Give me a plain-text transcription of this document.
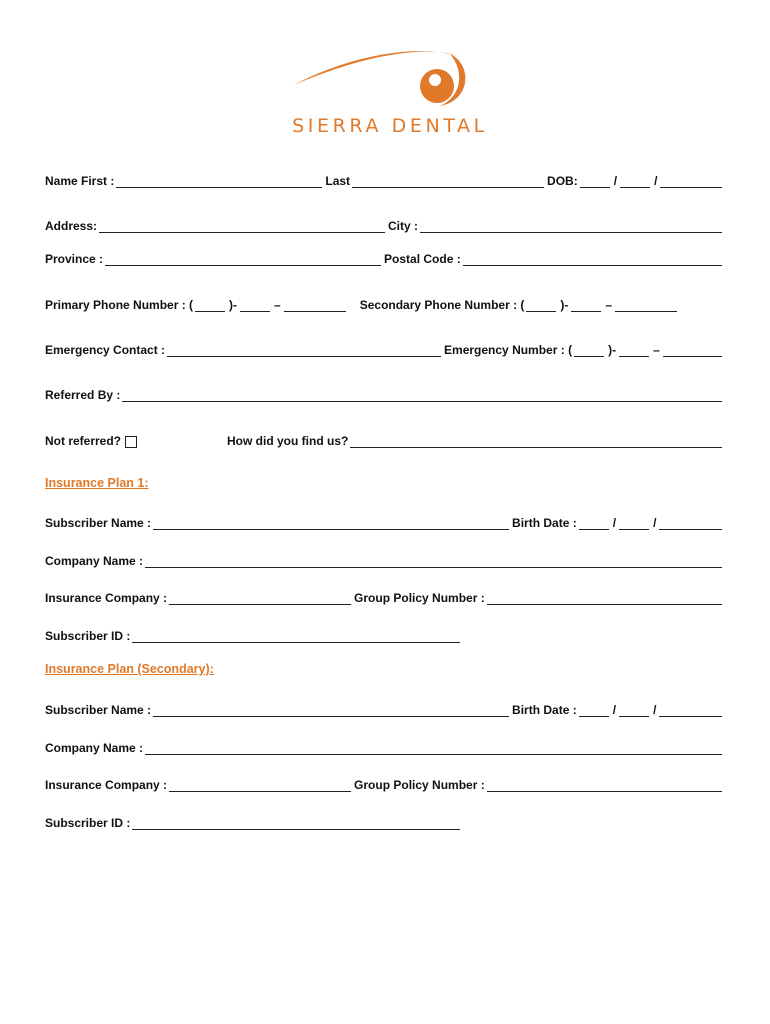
SIERRA DENTAL
Name First :	Last	DOB:	/	/
Address:	City :
Province :	Postal Code :
Primary Phone Number : (	)-	–	Secondary Phone Number : (	)-	–
Emergency Contact :	Emergency Number : (	)-	–
Referred By :
Not referred?	How did you find us?
Insurance Plan 1:
Subscriber Name :	Birth Date :	/	/
Company Name :
Insurance Company :	Group Policy Number :
Subscriber ID :
Insurance Plan (Secondary):
Subscriber Name :	Birth Date :	/	/
Company Name :
Insurance Company :	Group Policy Number :
Subscriber ID :
